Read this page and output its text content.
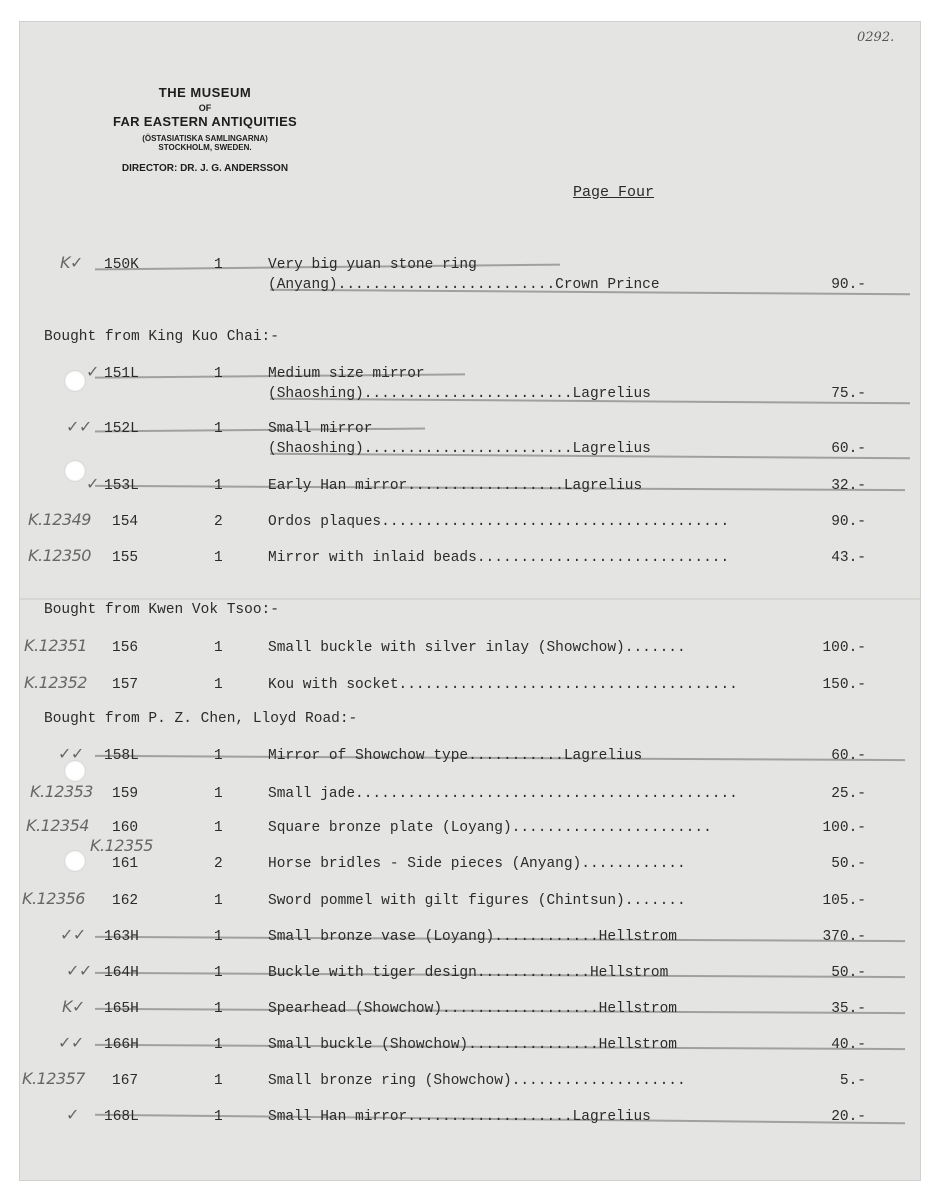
0292.
THE MUSEUM
OF
FAR EASTERN ANTIQUITIES
(ÖSTASIATISKA SAMLINGARNA)
STOCKHOLM, SWEDEN.
DIRECTOR: DR. J. G. ANDERSSON
Page Four
Bought from King Kuo Chai:-
Bought from Kwen Vok Tsoo:-
Bought from P. Z. Chen, Lloyd Road:-
K✓ 150K	1	Very big yuan stone ring
(Anyang).........................Crown Prince	90.-
✓ 151L	1	Medium size mirror
(Shaoshing)........................Lagrelius	75.-
✓✓ 152L	1	Small mirror
(Shaoshing)........................Lagrelius	60.-
✓ 153L	1	Early Han mirror..................Lagrelius	32.-
K.12349 154	2	Ordos plaques........................................	90.-
K.12350 155	1	Mirror with inlaid beads.............................	43.-
K.12351 156	1	Small buckle with silver inlay (Showchow).......	100.-
K.12352 157	1	Kou with socket.......................................	150.-
✓✓ 158L	1	Mirror of Showchow type...........Lagrelius	60.-
K.12353 159	1	Small jade............................................	25.-
K.12354 160	1	Square bronze plate (Loyang).......................	100.-
K.12355
161	2	Horse bridles - Side pieces (Anyang)............	50.-
K.12356 162	1	Sword pommel with gilt figures (Chintsun).......	105.-
✓✓ 163H	1	Small bronze vase (Loyang)............Hellstrom	370.-
✓✓ 164H	1	Buckle with tiger design.............Hellstrom	50.-
K✓ 165H	1	Spearhead (Showchow)..................Hellstrom	35.-
✓✓ 166H	1	Small buckle (Showchow)...............Hellstrom	40.-
K.12357 167	1	Small bronze ring (Showchow)....................	5.-
✓ 168L	1	Small Han mirror...................Lagrelius	20.-
